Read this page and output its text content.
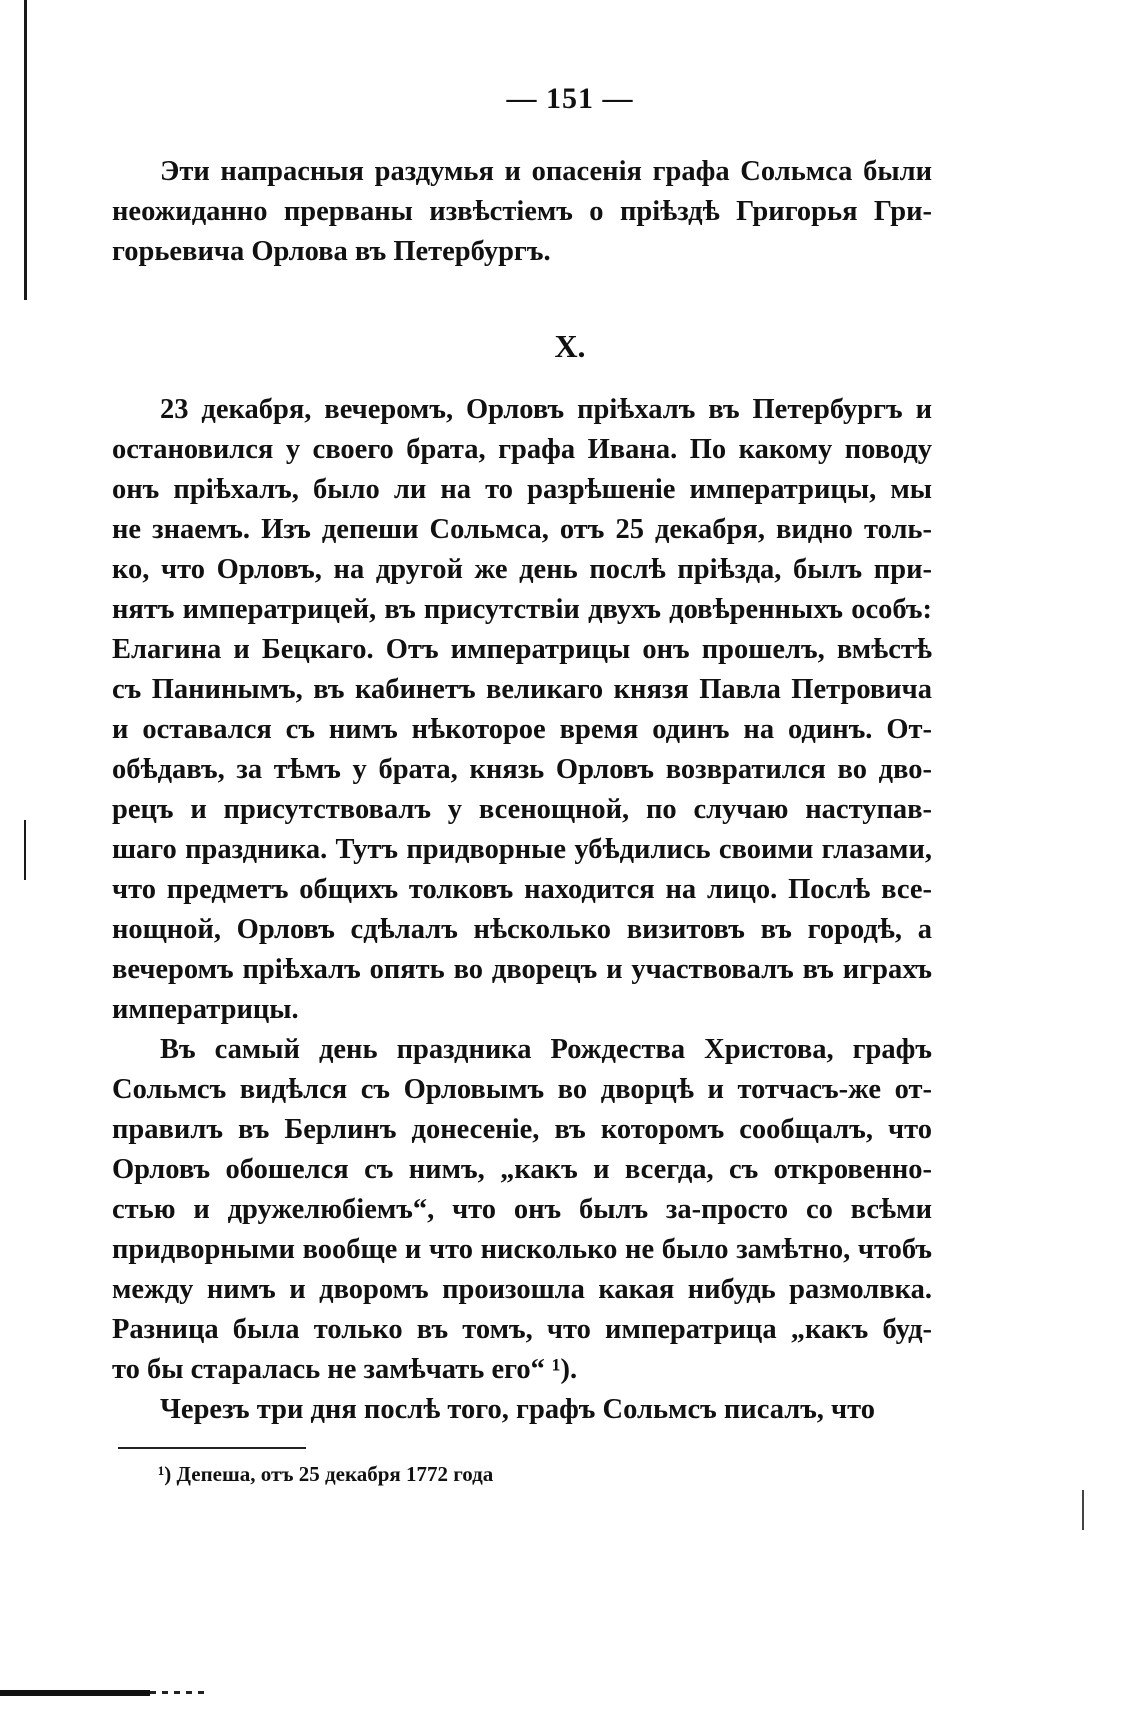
— 151 —
Эти напрасныя раздумья и опасенія графа Сольмса были
неожиданно прерваны извѣстіемъ о пріѣздѣ Григорья Гри-
горьевича Орлова въ Петербургъ.
X.
23 декабря, вечеромъ, Орловъ пріѣхалъ въ Петербургъ и
остановился у своего брата, графа Ивана. По какому поводу
онъ пріѣхалъ, было ли на то разрѣшеніе императрицы, мы
не знаемъ. Изъ депеши Сольмса, отъ 25 декабря, видно толь-
ко, что Орловъ, на другой же день послѣ пріѣзда, былъ при-
нятъ императрицей, въ присутствіи двухъ довѣренныхъ особъ:
Елагина и Бецкаго. Отъ императрицы онъ прошелъ, вмѣстѣ
съ Панинымъ, въ кабинетъ великаго князя Павла Петровича
и оставался съ нимъ нѣкоторое время одинъ на одинъ. От-
обѣдавъ, за тѣмъ у брата, князь Орловъ возвратился во дво-
рецъ и присутствовалъ у всенощной, по случаю наступав-
шаго праздника. Тутъ придворные убѣдились своими глазами,
что предметъ общихъ толковъ находится на лицо. Послѣ все-
нощной, Орловъ сдѣлалъ нѣсколько визитовъ въ городѣ, а
вечеромъ пріѣхалъ опять во дворецъ и участвовалъ въ играхъ
императрицы.
Въ самый день праздника Рождества Христова, графъ
Сольмсъ видѣлся съ Орловымъ во дворцѣ и тотчасъ-же от-
правилъ въ Берлинъ донесеніе, въ которомъ сообщалъ, что
Орловъ обошелся съ нимъ, „какъ и всегда, съ откровенно-
стью и дружелюбіемъ“, что онъ былъ за-просто со всѣми
придворными вообще и что нисколько не было замѣтно, чтобъ
между нимъ и дворомъ произошла какая нибудь размолвка.
Разница была только въ томъ, что императрица „какъ буд-
то бы старалась не замѣчать его“ ¹).
Черезъ три дня послѣ того, графъ Сольмсъ писалъ, что
¹) Депеша, отъ 25 декабря 1772 года
